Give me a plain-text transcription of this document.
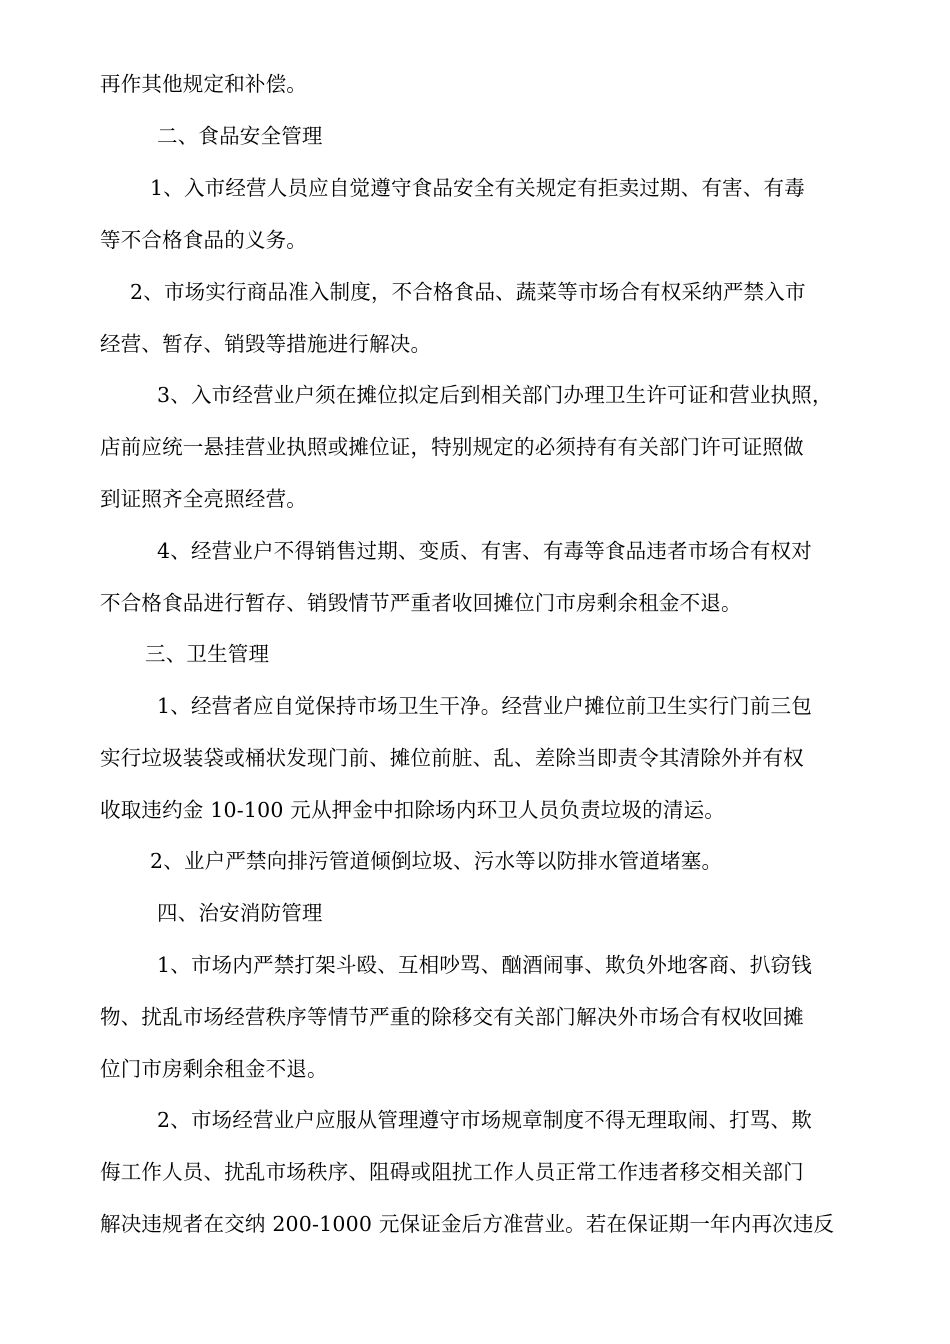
再作其他规定和补偿。
二、食品安全管理
1、入市经营人员应自觉遵守食品安全有关规定有拒卖过期、有害、有毒
等不合格食品的义务。
2、市场实行商品准入制度，不合格食品、蔬菜等市场合有权采纳严禁入市
经营、暂存、销毁等措施进行解决。
3、入市经营业户须在摊位拟定后到相关部门办理卫生许可证和营业执照，
店前应统一悬挂营业执照或摊位证，特别规定的必须持有有关部门许可证照做
到证照齐全亮照经营。
4、经营业户不得销售过期、变质、有害、有毒等食品违者市场合有权对
不合格食品进行暂存、销毁情节严重者收回摊位门市房剩余租金不退。
三、卫生管理
1、经营者应自觉保持市场卫生干净。经营业户摊位前卫生实行门前三包
实行垃圾装袋或桶状发现门前、摊位前脏、乱、差除当即责令其清除外并有权
收取违约金 10-100 元从押金中扣除场内环卫人员负责垃圾的清运。
2、业户严禁向排污管道倾倒垃圾、污水等以防排水管道堵塞。
四、治安消防管理
1、市场内严禁打架斗殴、互相吵骂、酗酒闹事、欺负外地客商、扒窃钱
物、扰乱市场经营秩序等情节严重的除移交有关部门解决外市场合有权收回摊
位门市房剩余租金不退。
2、市场经营业户应服从管理遵守市场规章制度不得无理取闹、打骂、欺
侮工作人员、扰乱市场秩序、阻碍或阻扰工作人员正常工作违者移交相关部门
解决违规者在交纳 200-1000 元保证金后方准营业。若在保证期一年内再次违反
